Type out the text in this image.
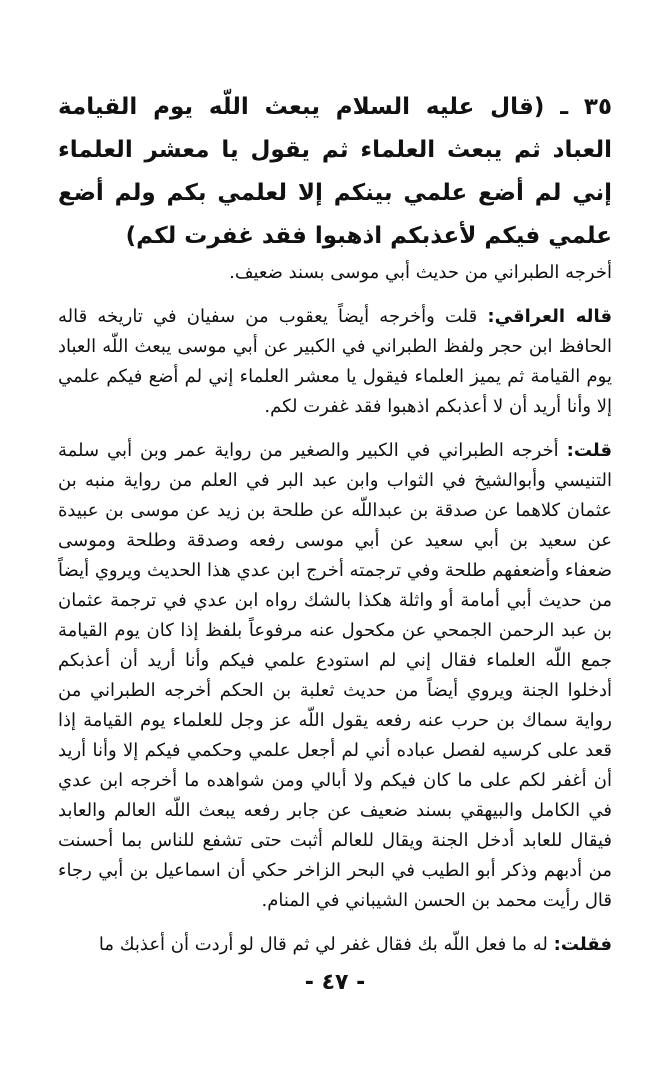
٣٥ ـ (قال عليه السلام يبعث اللّه يوم القيامة العباد ثم يبعث العلماء ثم يقول يا معشر العلماء إني لم أضع علمي بينكم إلا لعلمي بكم ولم أضع علمي فيكم لأعذبكم اذهبوا فقد غفرت لكم)

أخرجه الطبراني من حديث أبي موسى بسند ضعيف.

قاله العراقي: قلت وأخرجه أيضاً يعقوب من سفيان في تاريخه قاله الحافظ ابن حجر ولفظ الطبراني في الكبير عن أبي موسى يبعث اللّه العباد يوم القيامة ثم يميز العلماء فيقول يا معشر العلماء إني لم أضع فيكم علمي إلا وأنا أريد أن لا أعذبكم اذهبوا فقد غفرت لكم.

قلت: أخرجه الطبراني في الكبير والصغير من رواية عمر وبن أبي سلمة التنيسي وأبوالشيخ في الثواب وابن عبد البر في العلم من رواية منبه بن عثمان كلاهما عن صدقة بن عبداللّه عن طلحة بن زيد عن موسى بن عبيدة عن سعيد بن أبي سعيد عن أبي موسى رفعه وصدقة وطلحة وموسى ضعفاء وأضعفهم طلحة وفي ترجمته أخرج ابن عدي هذا الحديث ويروي أيضاً من حديث أبي أمامة أو واثلة هكذا بالشك رواه ابن عدي في ترجمة عثمان بن عبد الرحمن الجمحي عن مكحول عنه مرفوعاً بلفظ إذا كان يوم القيامة جمع اللّه العلماء فقال إني لم استودع علمي فيكم وأنا أريد أن أعذبكم أدخلوا الجنة ويروي أيضاً من حديث ثعلبة بن الحكم أخرجه الطبراني من رواية سماك بن حرب عنه رفعه يقول اللّه عز وجل للعلماء يوم القيامة إذا قعد على كرسيه لفصل عباده أني لم أجعل علمي وحكمي فيكم إلا وأنا أريد أن أغفر لكم على ما كان فيكم ولا أبالي ومن شواهده ما أخرجه ابن عدي في الكامل والبيهقي بسند ضعيف عن جابر رفعه يبعث اللّه العالم والعابد فيقال للعابد أدخل الجنة ويقال للعالم أثبت حتى تشفع للناس بما أحسنت من أدبهم وذكر أبو الطيب في البحر الزاخر حكي أن اسماعيل بن أبي رجاء قال رأيت محمد بن الحسن الشيباني في المنام.

فقلت: له ما فعل اللّه بك فقال غفر لي ثم قال لو أردت أن أعذبك ما

- ٤٧ -
